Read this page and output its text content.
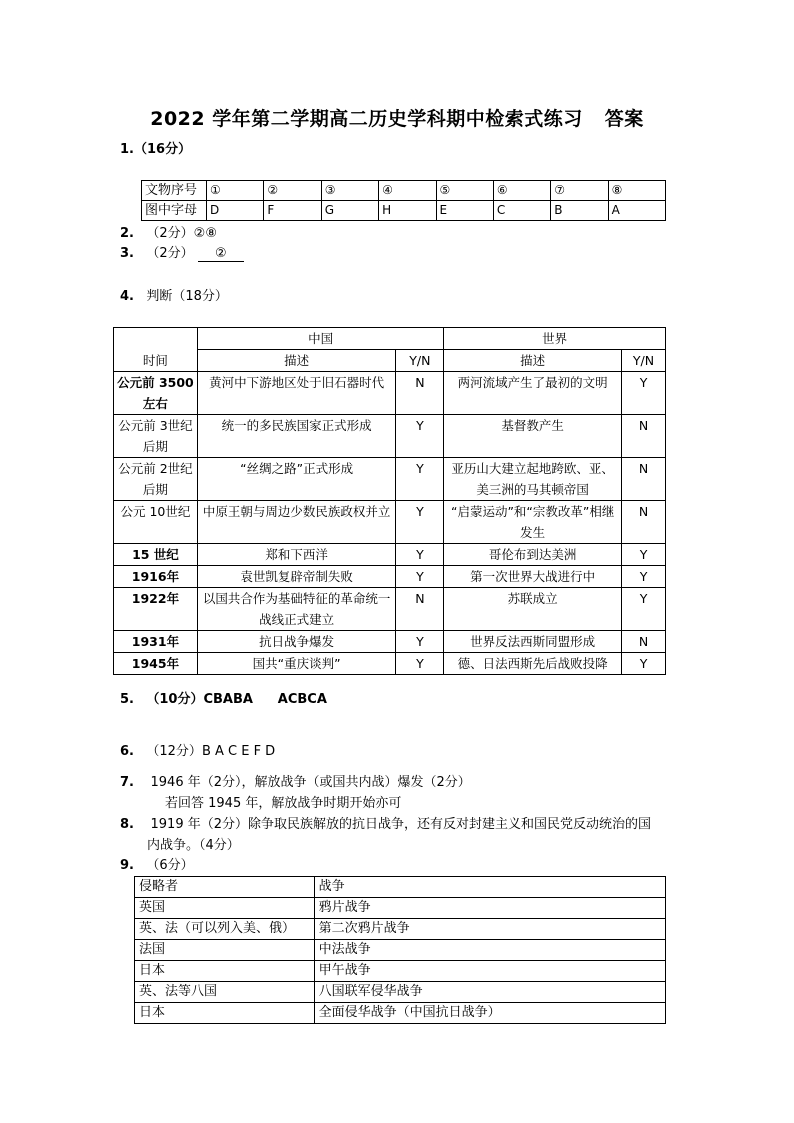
2022 学年第二学期高二历史学科期中检索式练习 答案
1.（16分）
文物序号	①	②	③	④	⑤	⑥	⑦	⑧
图中字母	D	F	G	H	E	C	B	A
2. （2分）②⑧
3. （2分） ②
4. 判断（18分）
时间	中国		世界	
	描述	Y/N	描述	Y/N
公元前 3500左右	黄河中下游地区处于旧石器时代	N	两河流域产生了最初的文明	Y
公元前 3世纪后期	统一的多民族国家正式形成	Y	基督教产生	N
公元前 2世纪后期	“丝绸之路”正式形成	Y	亚历山大建立起地跨欧、亚、美三洲的马其顿帝国	N
公元 10世纪	中原王朝与周边少数民族政权并立	Y	“启蒙运动”和“宗教改革”相继发生	N
15 世纪	郑和下西洋	Y	哥伦布到达美洲	Y
1916年	袁世凯复辟帝制失败	Y	第一次世界大战进行中	Y
1922年	以国共合作为基础特征的革命统一战线正式建立	N	苏联成立	Y
1931年	抗日战争爆发	Y	世界反法西斯同盟形成	N
1945年	国共“重庆谈判”	Y	德、日法西斯先后战败投降	Y
5. （10分）CBABA ACBCA
6. （12分）B A C E F D
7. 1946 年（2分），解放战争（或国共内战）爆发（2分）
若回答 1945 年，解放战争时期开始亦可
8. 1919 年（2分）除争取民族解放的抗日战争，还有反对封建主义和国民党反动统治的国
内战争。（4分）
9. （6分）
侵略者	战争
英国	鸦片战争
英、法（可以列入美、俄）	第二次鸦片战争
法国	中法战争
日本	甲午战争
英、法等八国	八国联军侵华战争
日本	全面侵华战争（中国抗日战争）
